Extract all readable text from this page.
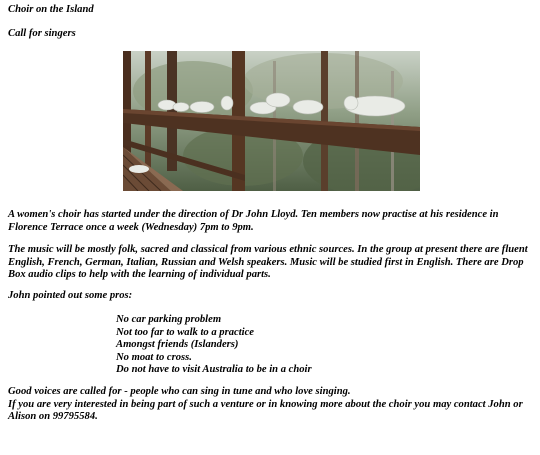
Choir on the Island
Call for singers

A women's choir has started under the direction of Dr John Lloyd. Ten members now practise at his residence in Florence Terrace once a week (Wednesday) 7pm to 9pm.

The music will be mostly folk, sacred and classical from various ethnic sources. In the group at present there are fluent English, French, German, Italian, Russian and Welsh speakers. Music will be studied first in English. There are Drop Box audio clips to help with the learning of individual parts.

John pointed out some pros:

No car parking problem
Not too far to walk to a practice
Amongst friends (Islanders)
No moat to cross.
Do not have to visit Australia to be in a choir

Good voices are called for - people who can sing in tune and who love singing.
If you are very interested in being part of such a venture or in knowing more about the choir you may contact John or Alison on 99795584.
